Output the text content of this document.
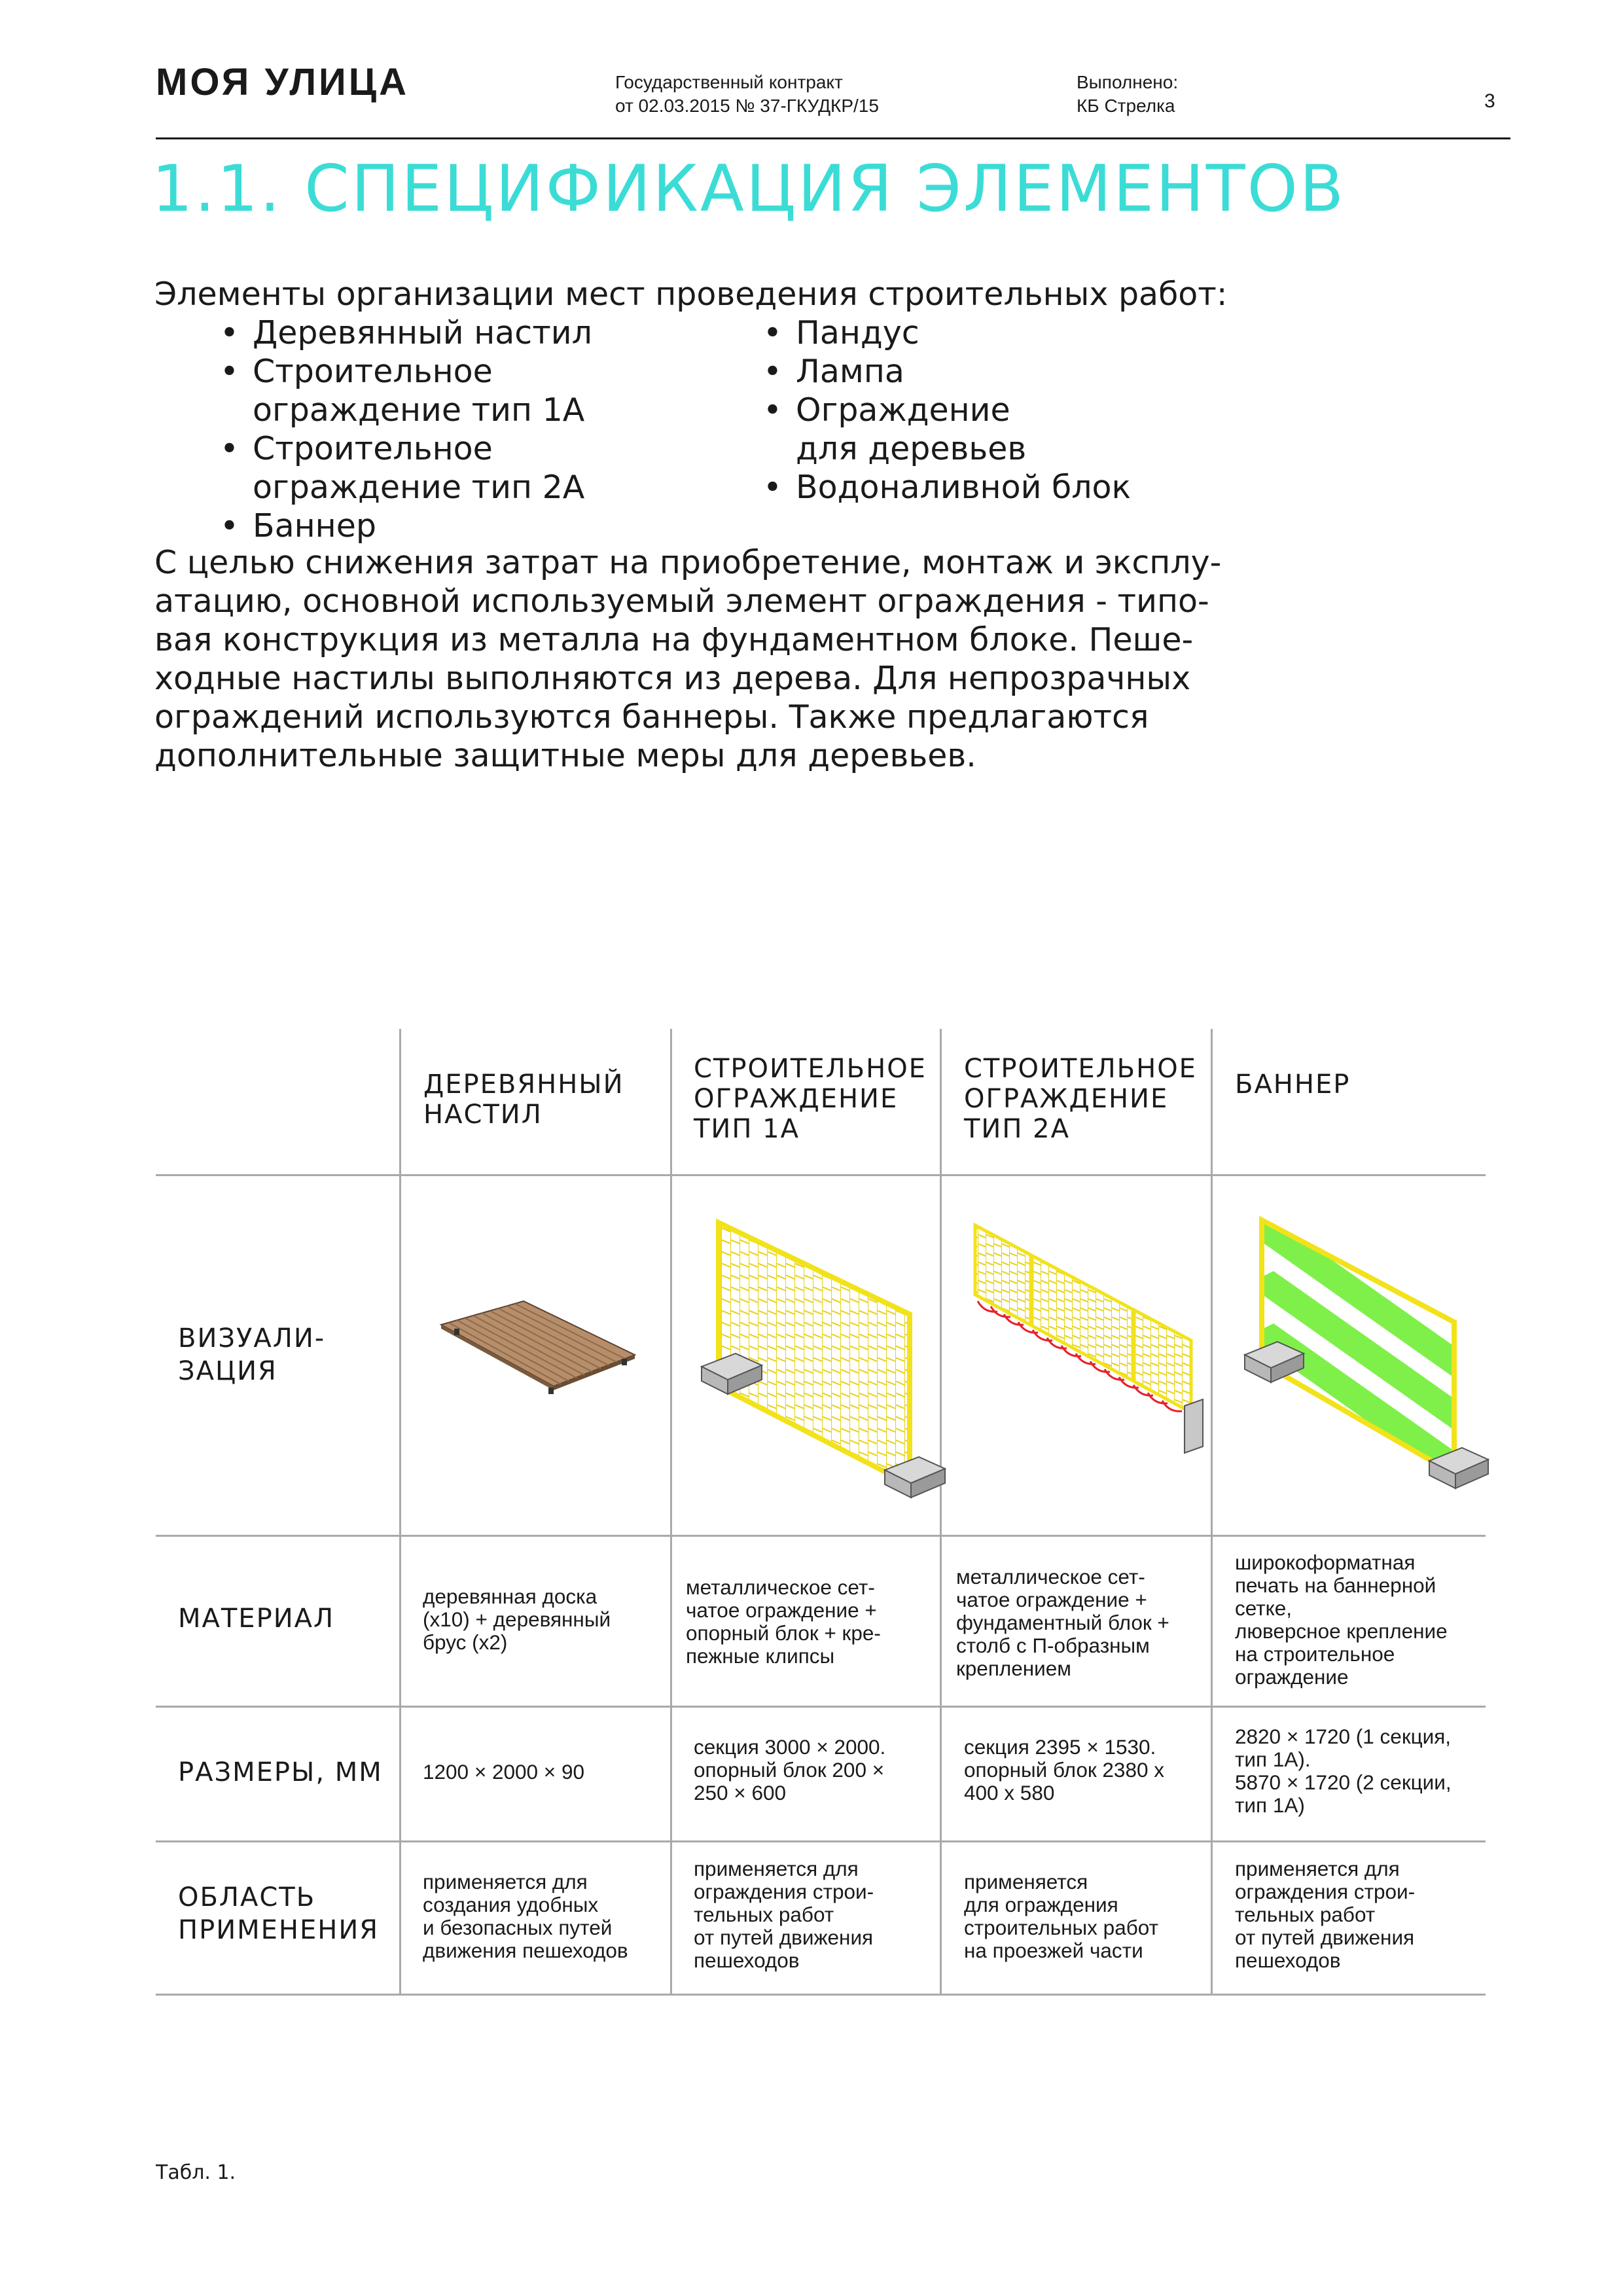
МОЯ УЛИЦА	Государственный контракт
от 02.03.2015 № 37-ГКУДКР/15
Выполнено:
КБ Стрелка	3
1.1. СПЕЦИФИКАЦИЯ ЭЛЕМЕНТОВ
Элементы организации мест проведения строительных работ:
• Деревянный настил
• Строительное
ограждение тип 1А
• Строительное
ограждение тип 2А
• Баннер
• Пандус
• Лампа
• Ограждение
для деревьев
• Водоналивной блок
С целью снижения затрат на приобретение, монтаж и эксплу-
атацию, основной используемый элемент ограждения - типо-
вая конструкция из металла на фундаментном блоке. Пеше-
ходные настилы выполняются из дерева. Для непрозрачных
ограждений используются баннеры. Также предлагаются
дополнительные защитные меры для деревьев.
ДЕРЕВЯННЫЙ
НАСТИЛ
СТРОИТЕЛЬНОЕ
ОГРАЖДЕНИЕ
ТИП 1А
СТРОИТЕЛЬНОЕ
ОГРАЖДЕНИЕ
ТИП 2А
БАННЕР
ВИЗУАЛИ-
ЗАЦИЯ
МАТЕРИАЛ
РАЗМЕРЫ, ММ
ОБЛАСТЬ
ПРИМЕНЕНИЯ
деревянная доска
(x10) + деревянный
брус (x2)
металлическое сет-
чатое ограждение +
опорный блок + кре-
пежные клипсы
металлическое сет-
чатое ограждение +
фундаментный блок +
столб с П-образным
креплением
широкоформатная
печать на баннерной
сетке,
люверсное крепление
на строительное
ограждение
1200 × 2000 × 90
секция 3000 × 2000.
опорный блок 200 ×
250 × 600
секция 2395 × 1530.
опорный блок 2380 х
400 x 580
2820 × 1720 (1 секция,
тип 1А).
5870 × 1720 (2 секции,
тип 1А)
применяется для
создания удобных
и безопасных путей
движения пешеходов
применяется для
ограждения строи-
тельных работ
от путей движения
пешеходов
применяется
для ограждения
строительных работ
на проезжей части
применяется для
ограждения строи-
тельных работ
от путей движения
пешеходов
Табл. 1.
